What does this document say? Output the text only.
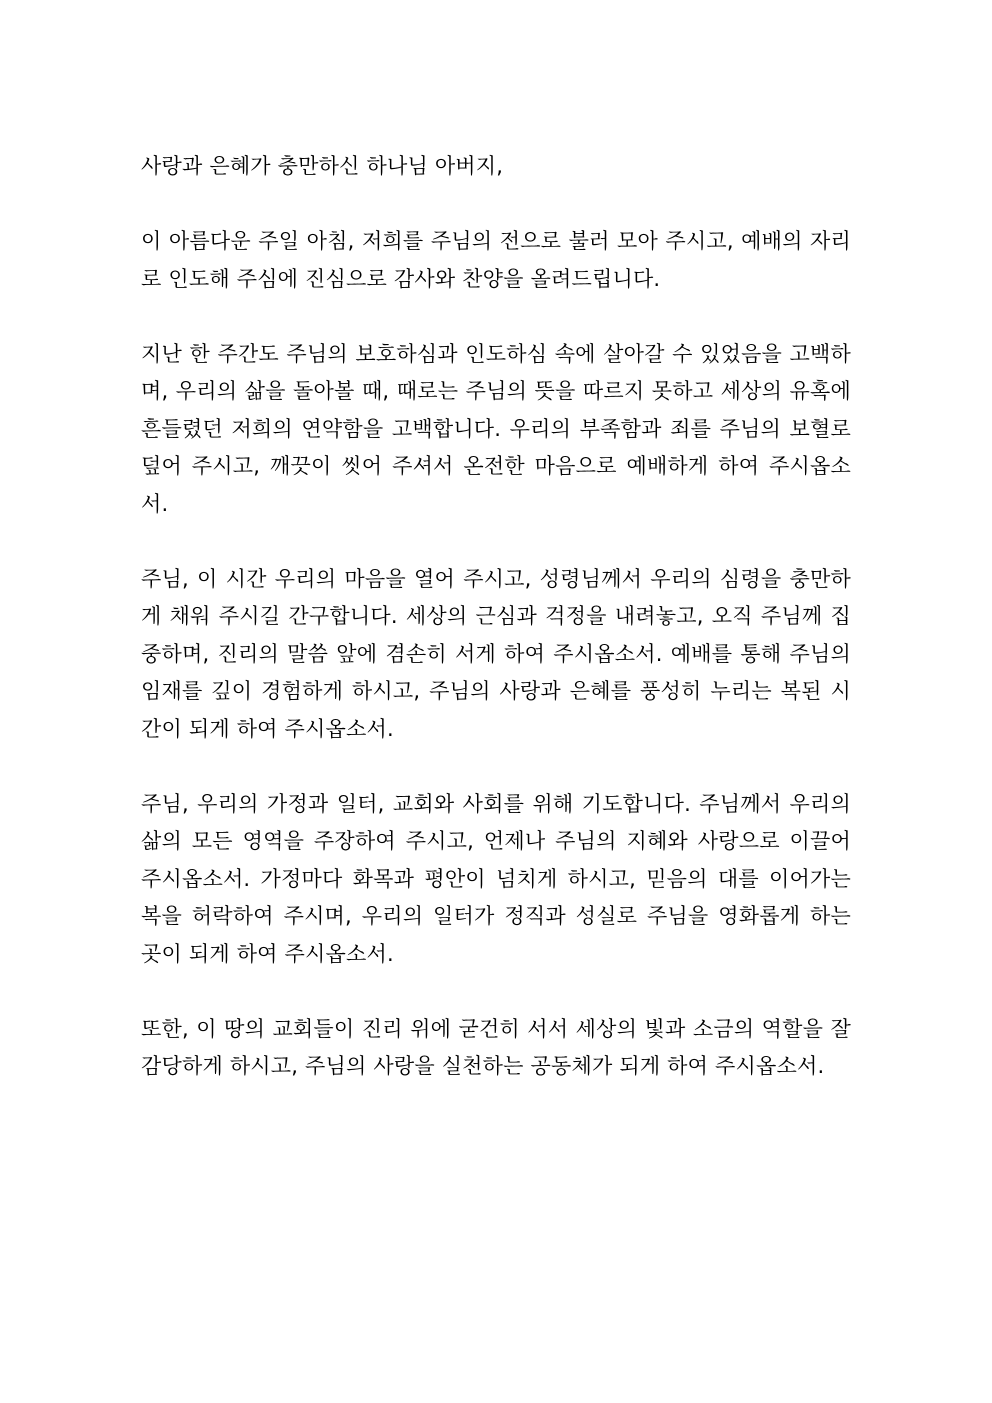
사랑과 은혜가 충만하신 하나님 아버지,

이 아름다운 주일 아침, 저희를 주님의 전으로 불러 모아 주시고, 예배의 자리로 인도해 주심에 진심으로 감사와 찬양을 올려드립니다.

지난 한 주간도 주님의 보호하심과 인도하심 속에 살아갈 수 있었음을 고백하며, 우리의 삶을 돌아볼 때, 때로는 주님의 뜻을 따르지 못하고 세상의 유혹에 흔들렸던 저희의 연약함을 고백합니다. 우리의 부족함과 죄를 주님의 보혈로 덮어 주시고, 깨끗이 씻어 주셔서 온전한 마음으로 예배하게 하여 주시옵소서.

주님, 이 시간 우리의 마음을 열어 주시고, 성령님께서 우리의 심령을 충만하게 채워 주시길 간구합니다. 세상의 근심과 걱정을 내려놓고, 오직 주님께 집중하며, 진리의 말씀 앞에 겸손히 서게 하여 주시옵소서. 예배를 통해 주님의 임재를 깊이 경험하게 하시고, 주님의 사랑과 은혜를 풍성히 누리는 복된 시간이 되게 하여 주시옵소서.

주님, 우리의 가정과 일터, 교회와 사회를 위해 기도합니다. 주님께서 우리의 삶의 모든 영역을 주장하여 주시고, 언제나 주님의 지혜와 사랑으로 이끌어 주시옵소서. 가정마다 화목과 평안이 넘치게 하시고, 믿음의 대를 이어가는 복을 허락하여 주시며, 우리의 일터가 정직과 성실로 주님을 영화롭게 하는 곳이 되게 하여 주시옵소서.

또한, 이 땅의 교회들이 진리 위에 굳건히 서서 세상의 빛과 소금의 역할을 잘 감당하게 하시고, 주님의 사랑을 실천하는 공동체가 되게 하여 주시옵소서.
